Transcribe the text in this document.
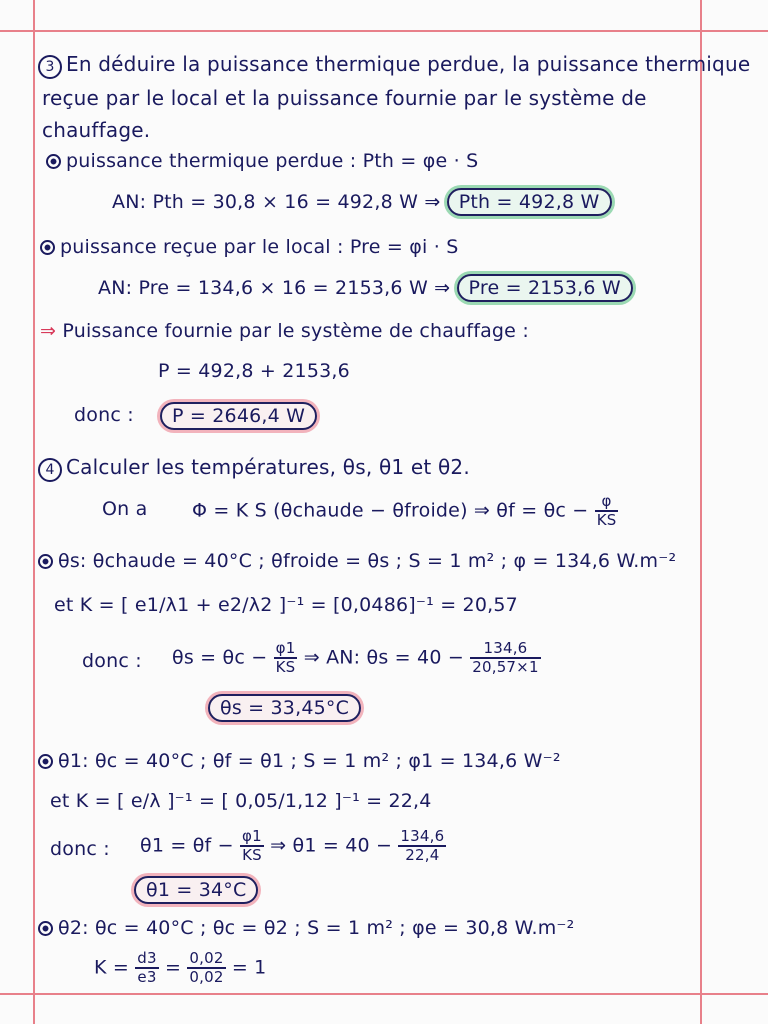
3 En déduire la puissance thermique perdue, la puissance thermique
reçue par le local et la puissance fournie par le système de
chauffage.
puissance thermique perdue : Pth = φe · S
AN: Pth = 30,8 × 16 = 492,8 W ⇒ Pth = 492,8 W
puissance reçue par le local : Pre = φi · S
AN: Pre = 134,6 × 16 = 2153,6 W ⇒ Pre = 2153,6 W
⇒ Puissance fournie par le système de chauffage :
P = 492,8 + 2153,6
donc :	P = 2646,4 W
4 Calculer les températures, θs, θ1 et θ2.
On a Φ = K S (θchaude − θfroide) ⇒ $\theta f = \theta c - \frac{\varphi}{KS}$
θs: θchaude = 40°C ; θfroide = θs ; S = 1 m² ; φ = 134,6 W.m⁻²
et K = [ e1/λ1 + e2/λ2 ]⁻¹ = [0,0486]⁻¹ = 20,57
donc : $\theta s = \theta c - \frac{\varphi 1}{KS}$ ⇒ AN: $\theta s = 40 - \frac{134,6}{20,57\times 1}$
θs = 33,45°C
θ1: θc = 40°C ; θf = θ1 ; S = 1 m² ; φ1 = 134,6 W⁻²
et K = [ e/λ ]⁻¹ = [ 0,05/1,12 ]⁻¹ = 22,4
donc : $\theta 1 = \theta f - \frac{\varphi 1}{KS}$ ⇒ $\theta 1 = 40 - \frac{134,6}{22,4}$
θ1 = 34°C
θ2: θc = 40°C ; θc = θ2 ; S = 1 m² ; φe = 30,8 W.m⁻²
$K = \frac{d3}{e3} = \frac{0,02}{0,02} = 1$
